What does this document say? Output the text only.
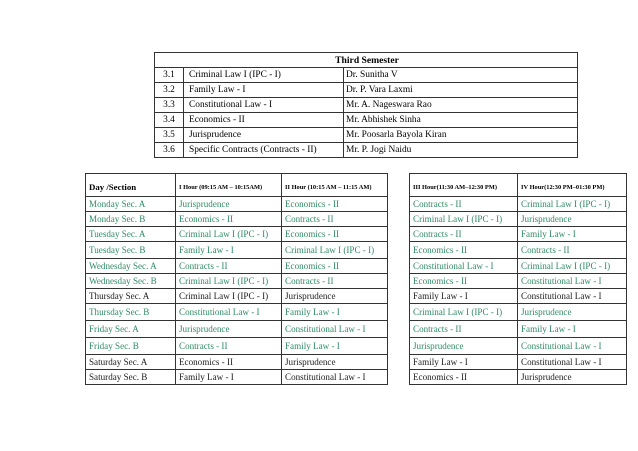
Third Semester		
3.1	Criminal Law I (IPC - I)	Dr. Sunitha V
3.2	Family Law - I	Dr. P. Vara Laxmi
3.3	Constitutional Law - I	Mr. A. Nageswara Rao
3.4	Economics - II	Mr. Abhishek Sinha
3.5	Jurisprudence	Mr. Poosarla Bayola Kiran
3.6	Specific Contracts (Contracts - II)	Mr. P. Jogi Naidu
Day /Section	I Hour (09:15 AM – 10:15AM)	II Hour (10:15 AM – 11:15 AM)
Monday Sec. A	Jurisprudence	Economics - II
Monday Sec. B	Economics - II	Contracts - II
Tuesday Sec. A	Criminal Law I (IPC - I)	Economics - II
Tuesday Sec. B	Family Law - I	Criminal Law I (IPC - I)
Wednesday Sec. A	Contracts - II	Economics - II
Wednesday Sec. B	Criminal Law I (IPC - I)	Contracts - II
Thursday Sec. A	Criminal Law I (IPC - I)	Jurisprudence
Thursday Sec. B	Constitutional Law - I	Family Law - I
Friday Sec. A	Jurisprudence	Constitutional Law - I
Friday Sec. B	Contracts - II	Family Law - I
Saturday Sec. A	Economics - II	Jurisprudence
Saturday Sec. B	Family Law - I	Constitutional Law - I
III Hour(11:30 AM–12:30 PM)	IV Hour(12:30 PM–01:30 PM)
Contracts - II	Criminal Law I (IPC - I)
Criminal Law I (IPC - I)	Jurisprudence
Contracts - II	Family Law - I
Economics - II	Contracts - II
Constitutional Law - I	Criminal Law I (IPC - I)
Economics - II	Constitutional Law - I
Family Law - I	Constitutional Law - I
Criminal Law I (IPC - I)	Jurisprudence
Contracts - II	Family Law - I
Jurisprudence	Constitutional Law - I
Family Law - I	Constitutional Law - I
Economics - II	Jurisprudence
